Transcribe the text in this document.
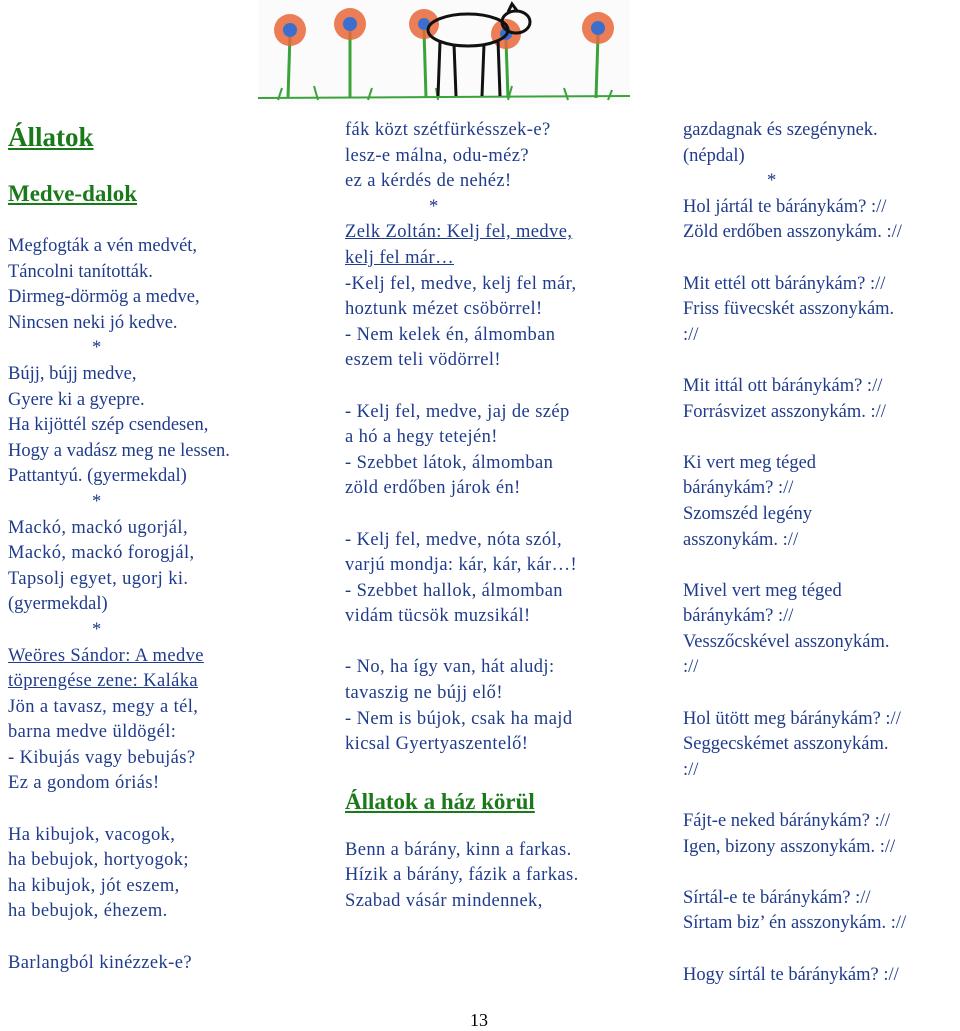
Állatok
Medve-dalok
Megfogták a vén medvét,
Táncolni tanították.
Dirmeg-dörmög a medve,
Nincsen neki jó kedve.
*
Bújj, bújj medve,
Gyere ki a gyepre.
Ha kijöttél szép csendesen,
Hogy a vadász meg ne lessen.
Pattantyú. (gyermekdal)
*
Mackó, mackó ugorjál,
Mackó, mackó forogjál,
Tapsolj egyet, ugorj ki.
(gyermekdal)
*
Weöres Sándor: A medve
töprengése zene: Kaláka
Jön a tavasz, megy a tél,
barna medve üldögél:
- Kibujás vagy bebujás?
Ez a gondom óriás!
Ha kibujok, vacogok,
ha bebujok, hortyogok;
ha kibujok, jót eszem,
ha bebujok, éhezem.
Barlangból kinézzek-e?
fák közt szétfürkésszek-e?
lesz-e málna, odu-méz?
ez a kérdés de nehéz!
*
Zelk Zoltán: Kelj fel, medve,
kelj fel már…
-Kelj fel, medve, kelj fel már,
hoztunk mézet csöbörrel!
- Nem kelek én, álmomban
eszem teli vödörrel!
- Kelj fel, medve, jaj de szép
a hó a hegy tetején!
- Szebbet látok, álmomban
zöld erdőben járok én!
- Kelj fel, medve, nóta szól,
varjú mondja: kár, kár, kár…!
- Szebbet hallok, álmomban
vidám tücsök muzsikál!
- No, ha így van, hát aludj:
tavaszig ne bújj elő!
- Nem is bújok, csak ha majd
kicsal Gyertyaszentelő!
Állatok a ház körül
Benn a bárány, kinn a farkas.
Hízik a bárány, fázik a farkas.
Szabad vásár mindennek,
gazdagnak és szegénynek.
(népdal)
*
Hol jártál te báránykám? ://
Zöld erdőben asszonykám. ://
Mit ettél ott báránykám? ://
Friss füvecskét asszonykám.
://
Mit ittál ott báránykám? ://
Forrásvizet asszonykám. ://
Ki vert meg téged
báránykám? ://
Szomszéd legény
asszonykám. ://
Mivel vert meg téged
báránykám? ://
Vesszőcskével asszonykám.
://
Hol ütött meg báránykám? ://
Seggecskémet asszonykám.
://
Fájt-e neked báránykám? ://
Igen, bizony asszonykám. ://
Sírtál-e te báránykám? ://
Sírtam biz’ én asszonykám. ://
Hogy sírtál te báránykám? ://
13
